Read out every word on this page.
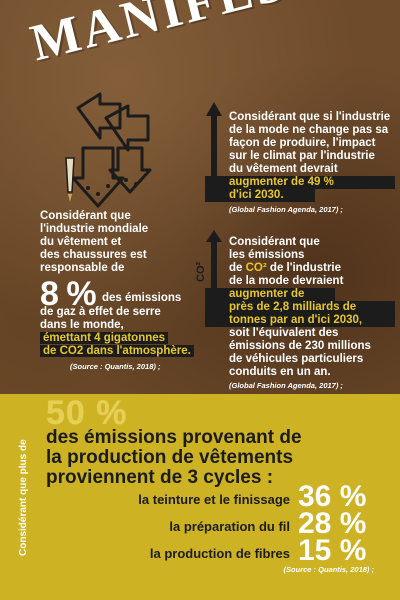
Considérant que
l'industrie mondiale
du vêtement et
des chaussures est
responsable de
8 % des émissions
de gaz à effet de serre
dans le monde,
émettant 4 gigatonnes
de CO2 dans l'atmosphère.
(Source : Quantis, 2018) ;
Considérant que si l'industrie
de la mode ne change pas sa
façon de produire, l'impact
sur le climat par l'industrie
du vêtement devrait
augmenter de 49 %
d'ici 2030.
(Global Fashion Agenda, 2017) ;
CO²
Considérant que
les émissions
de CO² de l'industrie
de la mode devraient
augmenter de
près de 2,8 milliards de
tonnes par an d'ici 2030,
soit l'équivalent des
émissions de 230 millions
de véhicules particuliers
conduits en un an.
(Global Fashion Agenda, 2017) ;
Considérant que plus de
50 %
des émissions provenant de
la production de vêtements
proviennent de 3 cycles :
la teinture et le finissage 36 %
la préparation du fil 28 %
la production de fibres 15 %
(Source : Quantis, 2018) ;
